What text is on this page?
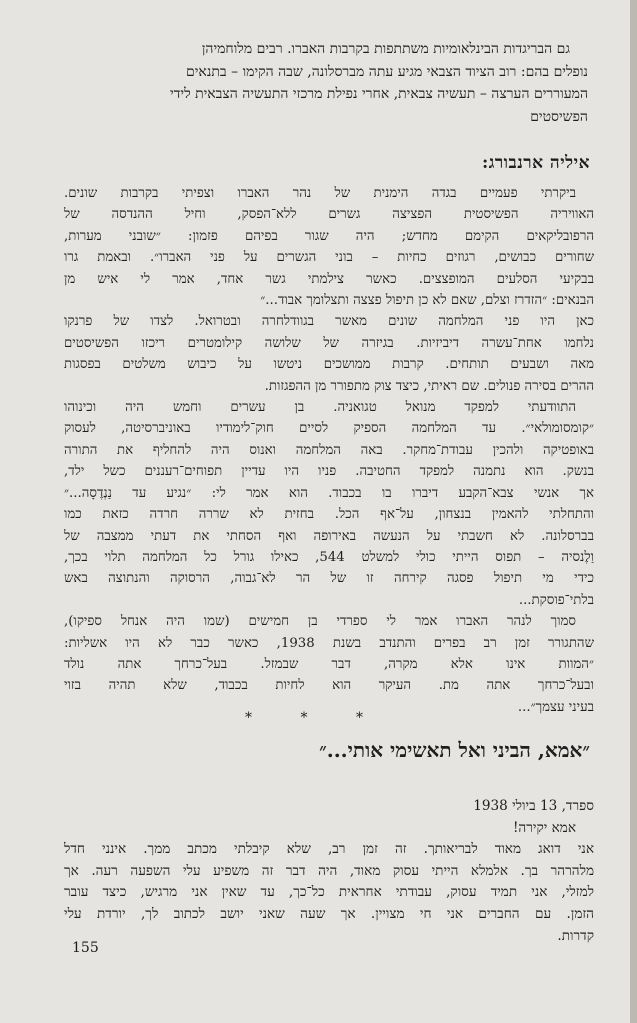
גם הבריגדות הבינלאומיות משתתפות בקרבות האברו. רבים מלוחמיהן
נופלים בהם: רוב הציוד הצבאי מגיע עתה מברסלונה, שבה הקימו – בתנאים
המעוררים הערצה – תעשיה צבאית, אחרי נפילת מרכזי התעשיה הצבאית לידי
הפשיסטים
איליה ארנבורג:
ביקרתי פעמיים בגדה הימנית של נהר האברו וצפיתי בקרבות שונים.
האוויריה הפשיסטית הפציצה גשרים ללא־הפסק, וחיל ההנדסה של
הרפובליקאים הקימם מחדש; היה שגור בפיהם פזמון: ״שובני מערות,
שחורים כבושים, רגוזים כחיות – בוני הגשרים על פני האברו״. ובאמת גרו
בבקיעי הסלעים המופצצים. כאשר צילמתי גשר אחד, אמר לי איש מן
הבנאים: ״הזדרז וצלם, שאם לא כן תיפול פצצה ותצלומך אבוד...״
כאן היו פני המלחמה שונים מאשר בגוודלחרה ובטרואל. לצדו של פרנקו
נלחמו אחת־עשרה דיביזיות. בגיזרה של שלושה קילומטרים ריכזו הפשיסטים
מאה ושבעים תותחים. קרבות ממושכים ניטשו על כיבוש משלטים בפסגות
ההרים בסירה פנולים. שם ראיתי, כיצד צוק מתפורר מן ההפגזות.
התוודעתי למפקד מנואל טגואניה. בן עשרים וחמש היה וכינוהו
״קומסומולאי״. עד המלחמה הספיק לסיים חוק־לימודיו באוניברסיטה, לעסוק
באופטיקה ולהכין עבודת־מחקר. באה המלחמה ואנוס היה להחליף את התורה
בנשק. הוא נתמנה למפקד החטיבה. פניו היו עדיין תפוחים־רעננים כשל ילד,
אך אנשי צבא־הקבע דיברו בו בכבוד. הוא אמר לי: ״נגיע עד נַנְדֶסָה...״
והתחלתי להאמין בנצחון, על־אף הכל. בחזית לא שררה חרדה כזאת כמו
בברסלונה. לא חשבתי על הנעשה באירופה ואף הסחתי את דעתי ממצבה של
וַלֶנסיה – תפוס הייתי כולי למשלט 544, כאילו גורל כל המלחמה תלוי בכך,
כידי מי תיפול פסגה קירחה זו של הר לא־גבוה, הרסוקה והנתוצה באש
בלתי־פוסקת...
סמוך לנהר האברו אמר לי ספרדי בן חמישים (שמו היה אנחל ספיקו),
שהתגורר זמן רב בפרים והתנדב בשנת 1938, כאשר כבר לא היו אשליות:
״המוות אינו אלא מקרה, דבר שבמזל. בעל־כרחך אתה נולד
ובעל־כרחך אתה מת. העיקר הוא לחיות בכבוד, שלא תהיה בזוי
בעיני עצמך״...
* * *
״אמא, הביני ואל תאשימי אותי...״
ספרד, 13 ביולי 1938
אמא יקירה!
אני דואג מאוד לבריאותך. זה זמן רב, שלא קיבלתי מכתב ממך. אינני חדל
מלהרהר בך. אלמלא הייתי עסוק מאוד, היה דבר זה משפיע עלי השפעה רעה. אך
למזלי, אני תמיד עסוק, עבודתי אחראית כל־כך, עד שאין אני מרגיש, כיצד עובר
הזמן. עם החברים אני חי מצויין. אך שעה שאני יושב לכתוב לך, יורדת עלי
קדרות.
155
